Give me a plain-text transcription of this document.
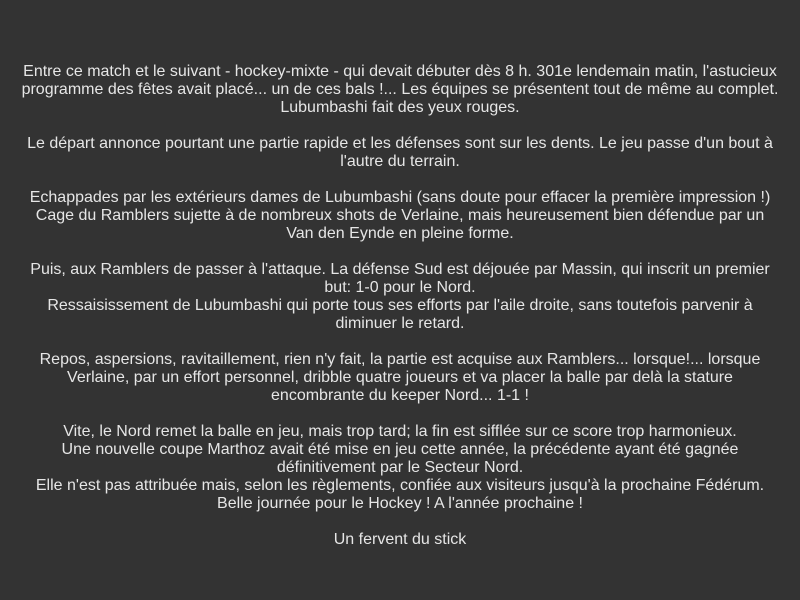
Entre ce match et le suivant - hockey-mixte - qui devait débuter dès 8 h. 301e lendemain matin, l'astucieux programme des fêtes avait placé... un de ces bals !... Les équipes se présentent tout de même au complet. Lubumbashi fait des yeux rouges.

Le départ annonce pourtant une partie rapide et les défenses sont sur les dents. Le jeu passe d'un bout à l'autre du terrain.

Echappades par les extérieurs dames de Lubumbashi (sans doute pour effacer la première impression !) Cage du Ramblers sujette à de nombreux shots de Verlaine, mais heureusement bien défendue par un Van den Eynde en pleine forme.

Puis, aux Ramblers de passer à l'attaque. La défense Sud est déjouée par Massin, qui inscrit un premier but: 1-0 pour le Nord.
Ressaisissement de Lubumbashi qui porte tous ses efforts par l'aile droite, sans toutefois parvenir à diminuer le retard.

Repos, aspersions, ravitaillement, rien n'y fait, la partie est acquise aux Ramblers... lorsque!... lorsque Verlaine, par un effort personnel, dribble quatre joueurs et va placer la balle par delà la stature encombrante du keeper Nord... 1-1 !

Vite, le Nord remet la balle en jeu, mais trop tard; la fin est sifflée sur ce score trop harmonieux.
Une nouvelle coupe Marthoz avait été mise en jeu cette année, la précédente ayant été gagnée définitivement par le Secteur Nord.
Elle n'est pas attribuée mais, selon les règlements, confiée aux visiteurs jusqu'à la prochaine Fédérum. Belle journée pour le Hockey ! A l'année prochaine !

Un fervent du stick
